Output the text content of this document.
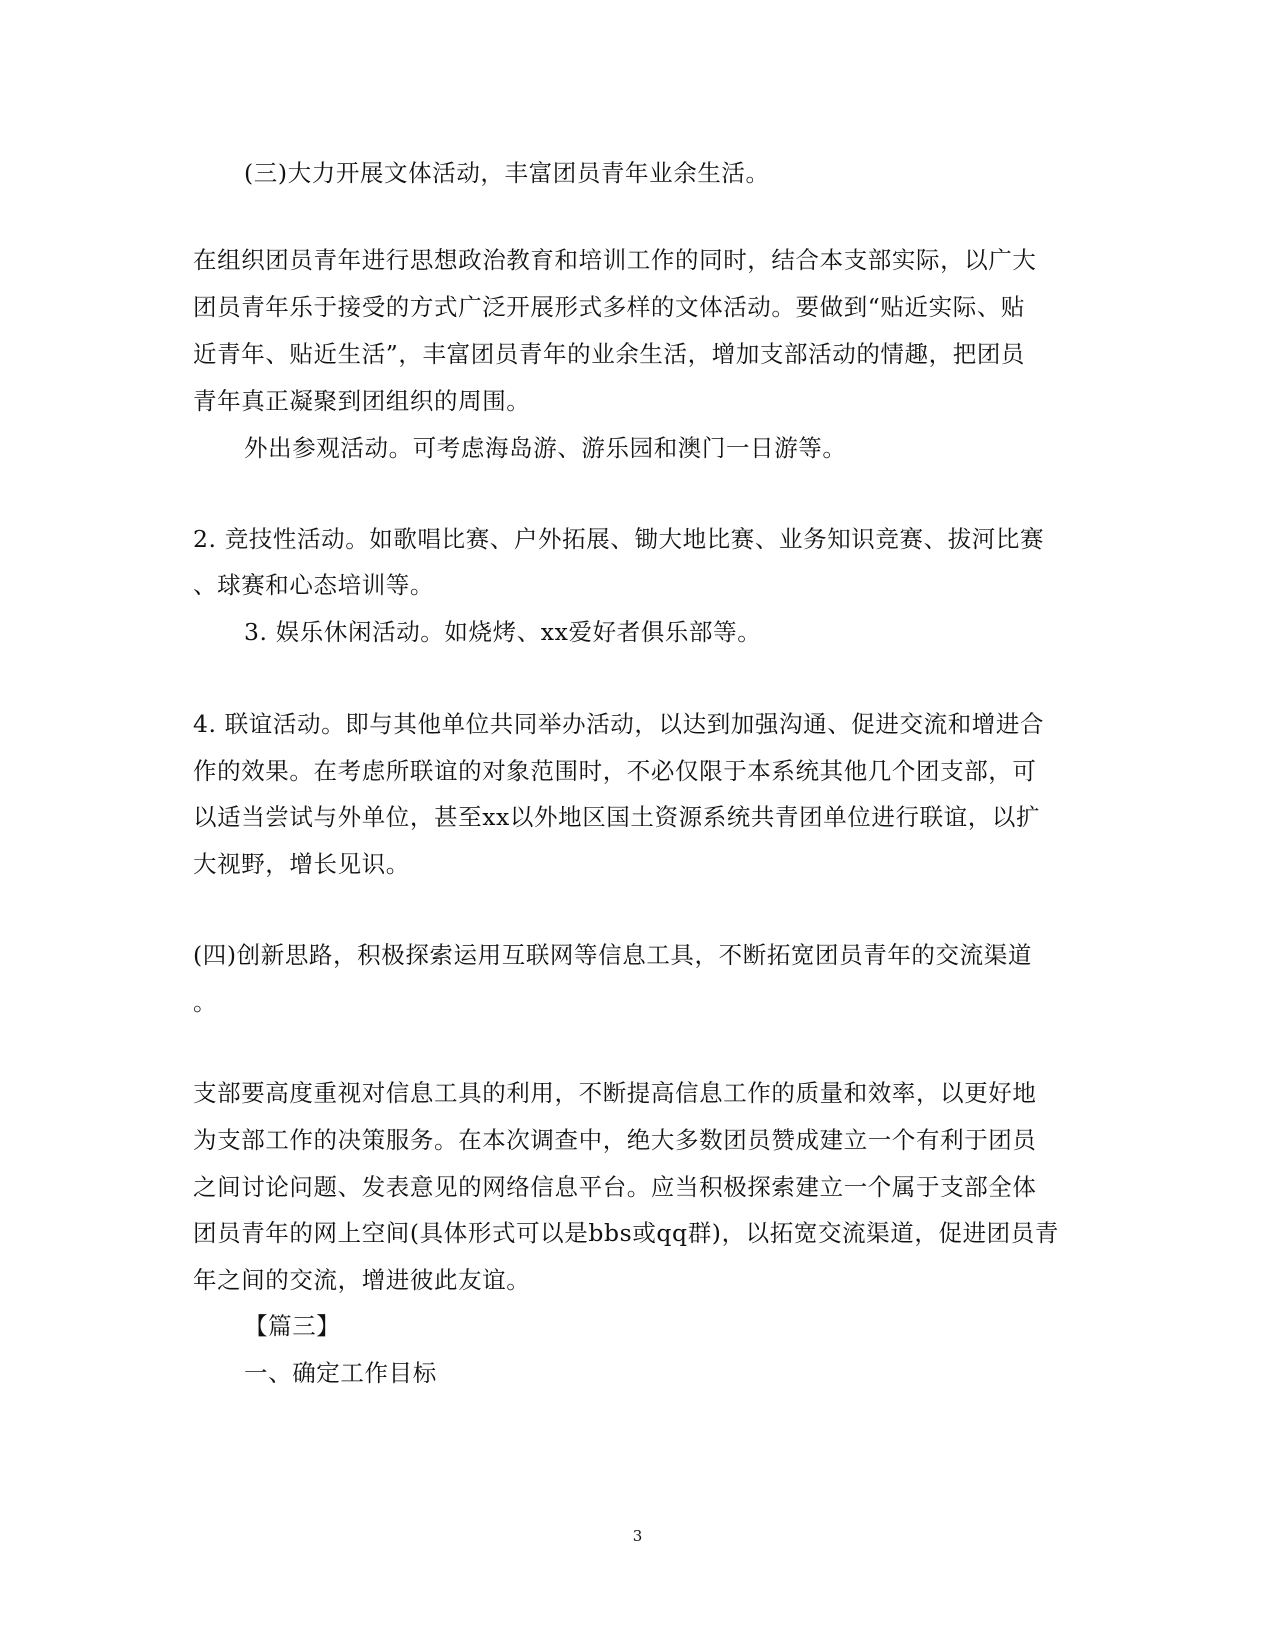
(三)大力开展文体活动，丰富团员青年业余生活。
在组织团员青年进行思想政治教育和培训工作的同时，结合本支部实际，以广大
团员青年乐于接受的方式广泛开展形式多样的文体活动。要做到“贴近实际、贴
近青年、贴近生活”，丰富团员青年的业余生活，增加支部活动的情趣，把团员
青年真正凝聚到团组织的周围。
外出参观活动。可考虑海岛游、游乐园和澳门一日游等。
2. 竞技性活动。如歌唱比赛、户外拓展、锄大地比赛、业务知识竞赛、拔河比赛
、球赛和心态培训等。
3. 娱乐休闲活动。如烧烤、xx爱好者俱乐部等。
4. 联谊活动。即与其他单位共同举办活动，以达到加强沟通、促进交流和增进合
作的效果。在考虑所联谊的对象范围时，不必仅限于本系统其他几个团支部，可
以适当尝试与外单位，甚至xx以外地区国土资源系统共青团单位进行联谊，以扩
大视野，增长见识。
(四)创新思路，积极探索运用互联网等信息工具，不断拓宽团员青年的交流渠道
。
支部要高度重视对信息工具的利用，不断提高信息工作的质量和效率，以更好地
为支部工作的决策服务。在本次调查中，绝大多数团员赞成建立一个有利于团员
之间讨论问题、发表意见的网络信息平台。应当积极探索建立一个属于支部全体
团员青年的网上空间(具体形式可以是bbs或qq群)，以拓宽交流渠道，促进团员青
年之间的交流，增进彼此友谊。
【篇三】
一、确定工作目标
3
